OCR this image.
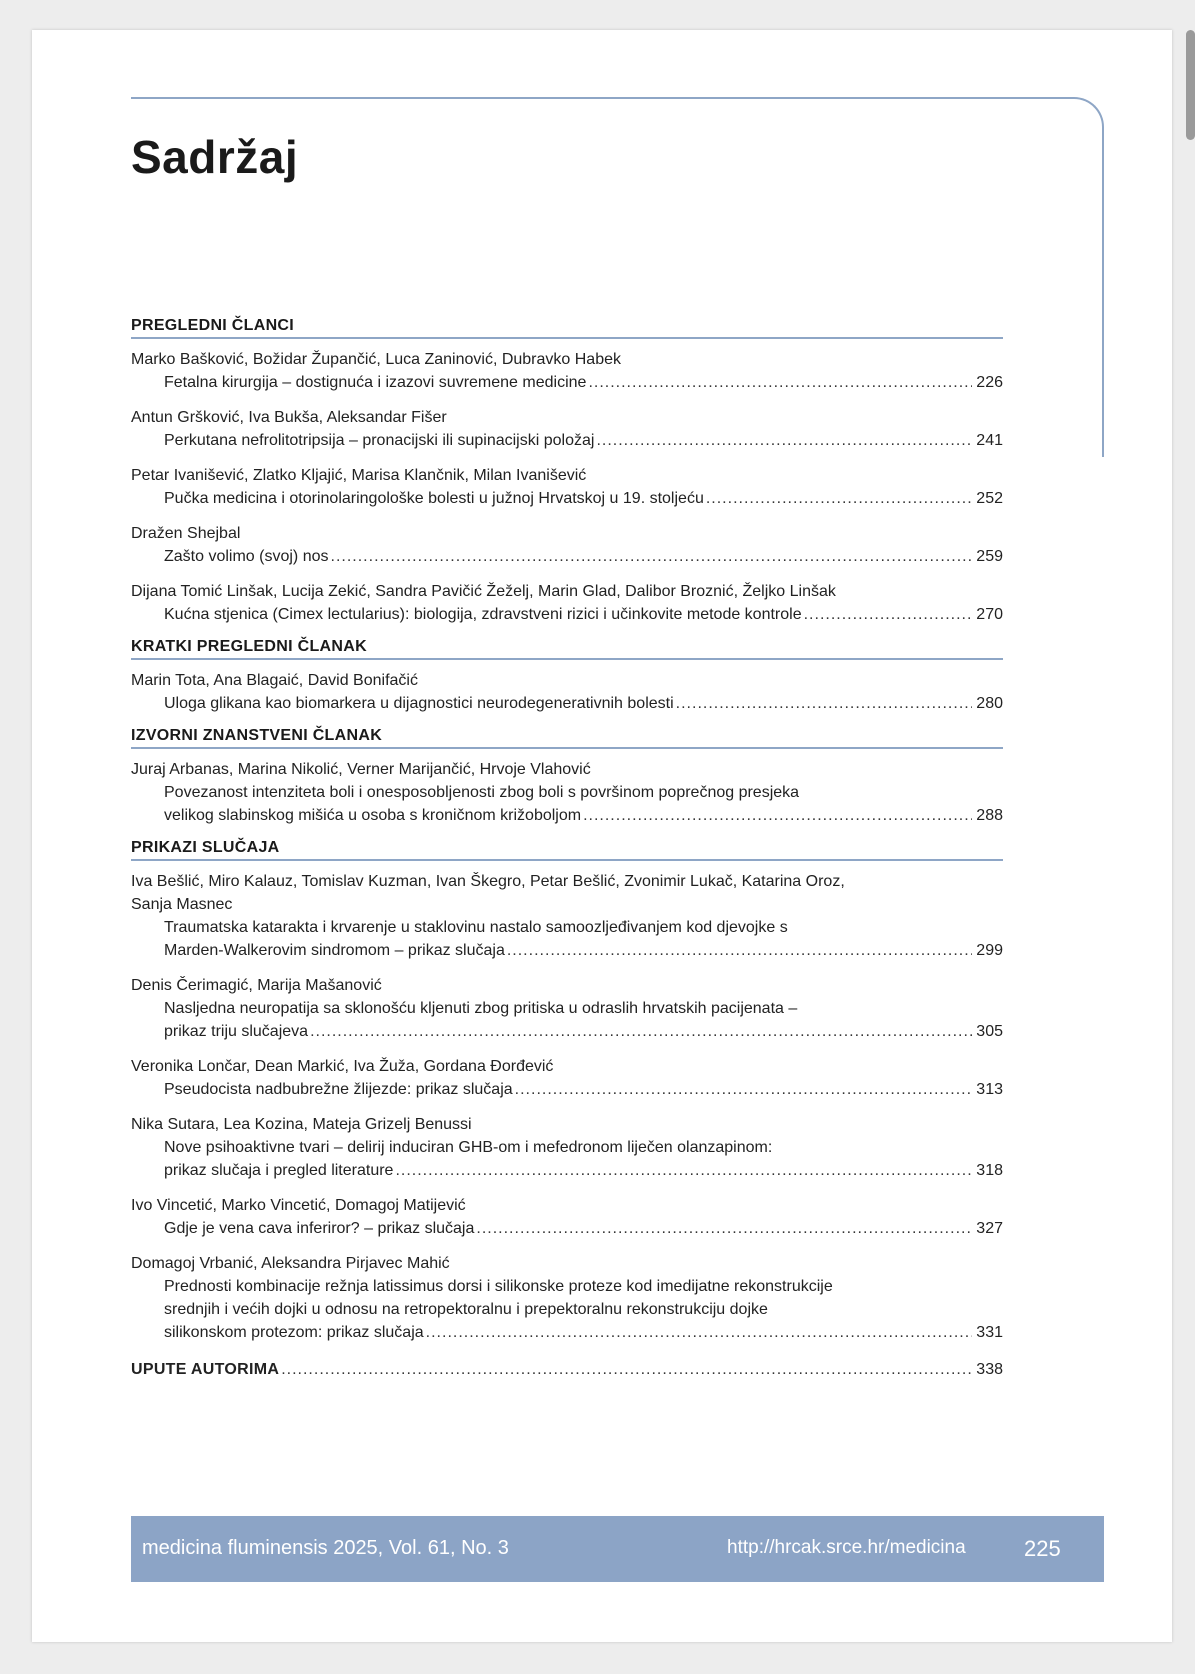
Sadržaj
PREGLEDNI ČLANCI
Marko Bašković, Božidar Župančić, Luca Zaninović, Dubravko Habek
Fetalna kirurgija – dostignuća i izazovi suvremene medicine .....	226
Antun Gršković, Iva Bukša, Aleksandar Fišer
Perkutana nefrolitotripsija – pronacijski ili supinacijski položaj .....	241
Petar Ivanišević, Zlatko Kljajić, Marisa Klančnik, Milan Ivanišević
Pučka medicina i otorinolaringološke bolesti u južnoj Hrvatskoj u 19. stoljeću .....	252
Dražen Shejbal
Zašto volimo (svoj) nos .....	259
Dijana Tomić Linšak, Lucija Zekić, Sandra Pavičić Žeželj, Marin Glad, Dalibor Broznić, Željko Linšak
Kućna stjenica (Cimex lectularius): biologija, zdravstveni rizici i učinkovite metode kontrole .....	270
KRATKI PREGLEDNI ČLANAK
Marin Tota, Ana Blagaić, David Bonifačić
Uloga glikana kao biomarkera u dijagnostici neurodegenerativnih bolesti .....	280
IZVORNI ZNANSTVENI ČLANAK
Juraj Arbanas, Marina Nikolić, Verner Marijančić, Hrvoje Vlahović
Povezanost intenziteta boli i onesposobljenosti zbog boli s površinom poprečnog presjeka
velikog slabinskog mišića u osoba s kroničnom križoboljom .....	288
PRIKAZI SLUČAJA
Iva Bešlić, Miro Kalauz, Tomislav Kuzman, Ivan Škegro, Petar Bešlić, Zvonimir Lukač, Katarina Oroz,
Sanja Masnec
Traumatska katarakta i krvarenje u staklovinu nastalo samoozljeđivanjem kod djevojke s
Marden-Walkerovim sindromom – prikaz slučaja .....	299
Denis Čerimagić, Marija Mašanović
Nasljedna neuropatija sa sklonošću kljenuti zbog pritiska u odraslih hrvatskih pacijenata –
prikaz triju slučajeva .....	305
Veronika Lončar, Dean Markić, Iva Žuža, Gordana Đorđević
Pseudocista nadbubrežne žlijezde: prikaz slučaja .....	313
Nika Sutara, Lea Kozina, Mateja Grizelj Benussi
Nove psihoaktivne tvari – delirij induciran GHB-om i mefedronom liječen olanzapinom:
prikaz slučaja i pregled literature .....	318
Ivo Vincetić, Marko Vincetić, Domagoj Matijević
Gdje je vena cava inferiror? – prikaz slučaja .....	327
Domagoj Vrbanić, Aleksandra Pirjavec Mahić
Prednosti kombinacije režnja latissimus dorsi i silikonske proteze kod imedijatne rekonstrukcije
srednjih i većih dojki u odnosu na retropektoralnu i prepektoralnu rekonstrukciju dojke
silikonskom protezom: prikaz slučaja .....	331
UPUTE AUTORIMA .....	338
medicina fluminensis 2025, Vol. 61, No. 3	http://hrcak.srce.hr/medicina	225
